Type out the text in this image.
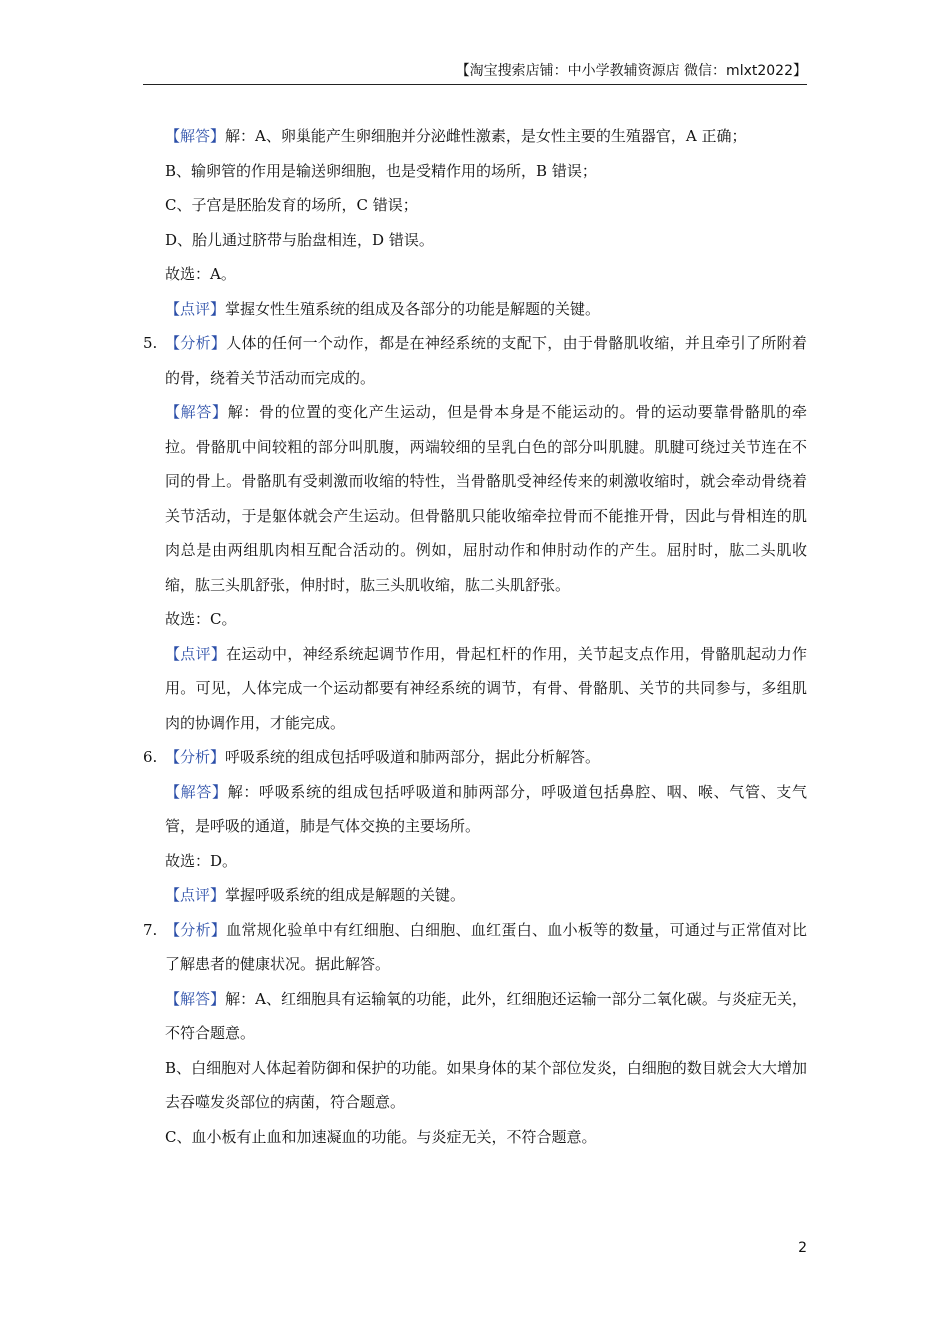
【淘宝搜索店铺：中小学教辅资源店 微信：mlxt2022】
【解答】解：A、卵巢能产生卵细胞并分泌雌性激素，是女性主要的生殖器官，A 正确；
B、输卵管的作用是输送卵细胞，也是受精作用的场所，B 错误；
C、子宫是胚胎发育的场所，C 错误；
D、胎儿通过脐带与胎盘相连，D 错误。
故选：A。
【点评】掌握女性生殖系统的组成及各部分的功能是解题的关键。
5. 【分析】人体的任何一个动作，都是在神经系统的支配下，由于骨骼肌收缩，并且牵引了所附着的骨，绕着关节活动而完成的。
【解答】解：骨的位置的变化产生运动，但是骨本身是不能运动的。骨的运动要靠骨骼肌的牵拉。骨骼肌中间较粗的部分叫肌腹，两端较细的呈乳白色的部分叫肌腱。肌腱可绕过关节连在不同的骨上。骨骼肌有受刺激而收缩的特性，当骨骼肌受神经传来的刺激收缩时，就会牵动骨绕着关节活动，于是躯体就会产生运动。但骨骼肌只能收缩牵拉骨而不能推开骨，因此与骨相连的肌肉总是由两组肌肉相互配合活动的。例如，屈肘动作和伸肘动作的产生。屈肘时，肱二头肌收缩，肱三头肌舒张，伸肘时，肱三头肌收缩，肱二头肌舒张。
故选：C。
【点评】在运动中，神经系统起调节作用，骨起杠杆的作用，关节起支点作用，骨骼肌起动力作用。可见，人体完成一个运动都要有神经系统的调节，有骨、骨骼肌、关节的共同参与，多组肌肉的协调作用，才能完成。
6. 【分析】呼吸系统的组成包括呼吸道和肺两部分，据此分析解答。
【解答】解：呼吸系统的组成包括呼吸道和肺两部分，呼吸道包括鼻腔、咽、喉、气管、支气管，是呼吸的通道，肺是气体交换的主要场所。
故选：D。
【点评】掌握呼吸系统的组成是解题的关键。
7. 【分析】血常规化验单中有红细胞、白细胞、血红蛋白、血小板等的数量，可通过与正常值对比了解患者的健康状况。据此解答。
【解答】解：A、红细胞具有运输氧的功能，此外，红细胞还运输一部分二氧化碳。与炎症无关，不符合题意。
B、白细胞对人体起着防御和保护的功能。如果身体的某个部位发炎，白细胞的数目就会大大增加去吞噬发炎部位的病菌，符合题意。
C、血小板有止血和加速凝血的功能。与炎症无关，不符合题意。
2
